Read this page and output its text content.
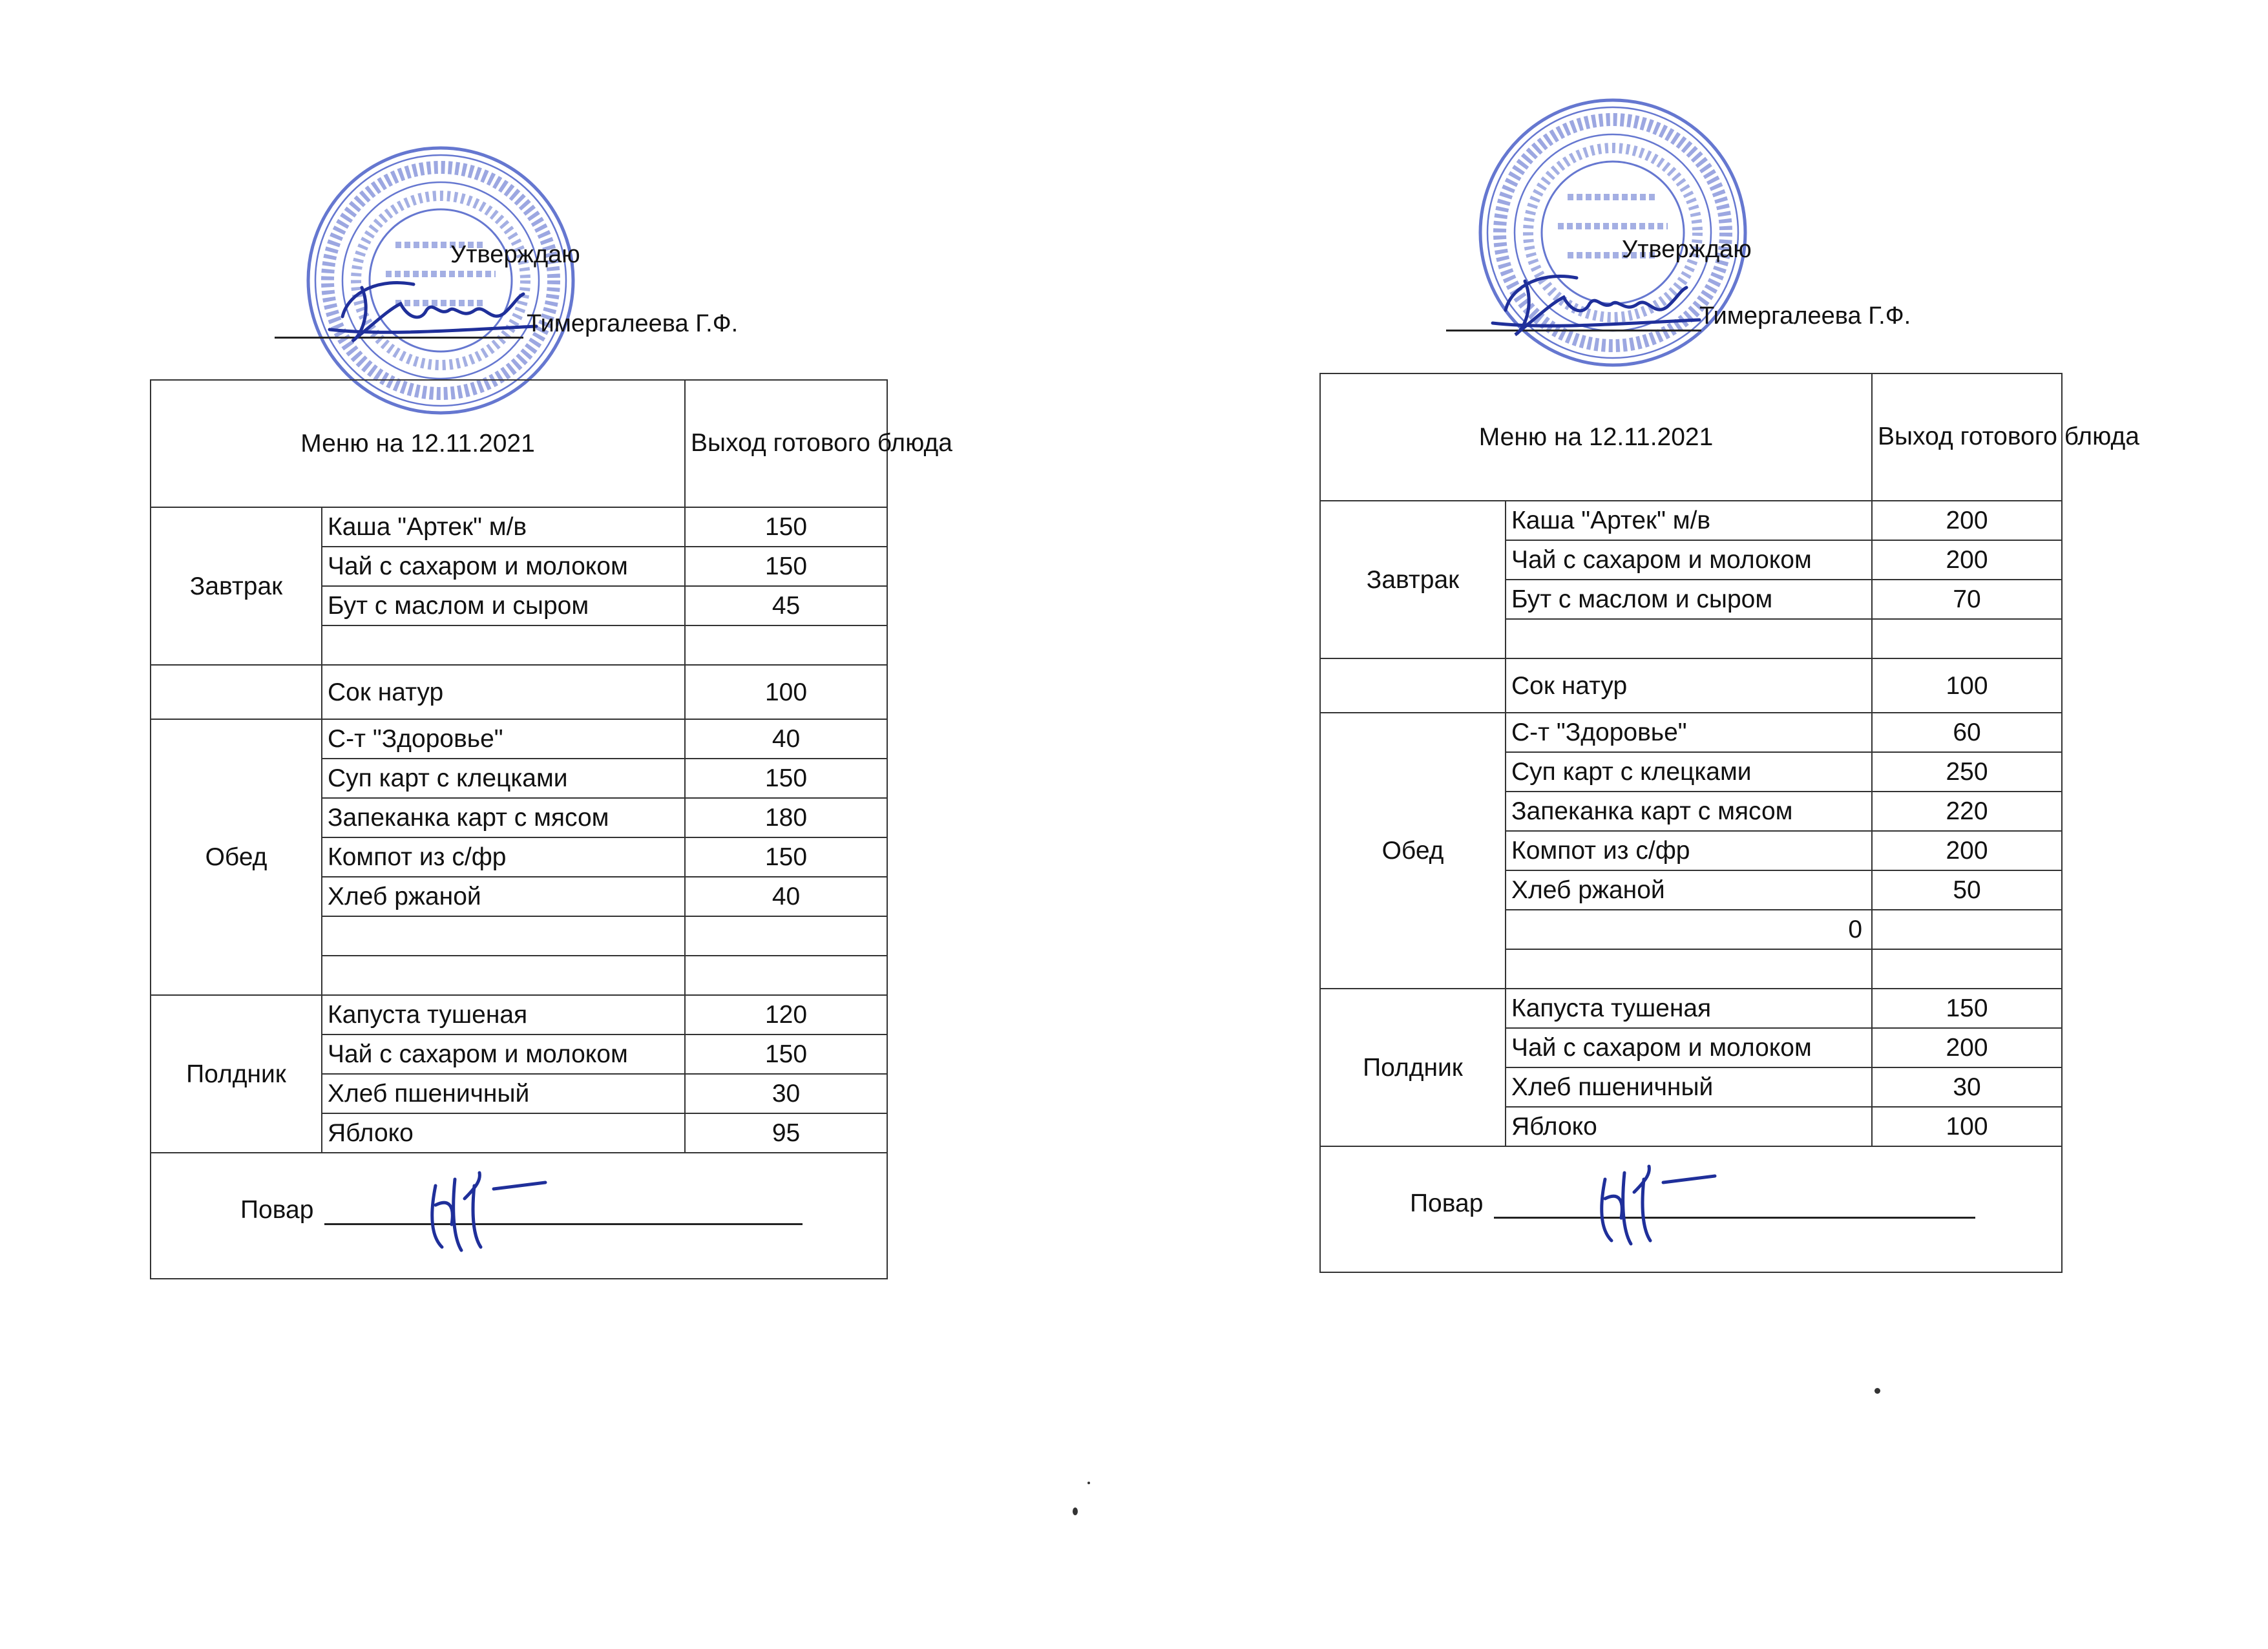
Утверждаю
Тимергалеева Г.Ф.
Меню на 12.11.2021		Выход готового блюда
Завтрак	Каша "Артек" м/в	150
	Чай с сахаром и молоком	150
	Бут с маслом и сыром	45

	Сок натур	100
Обед	С-т "Здоровье"	40
	Суп карт с клецками	150
	Запеканка карт с мясом	180
	Компот из с/фр	150
	Хлеб ржаной	40

Полдник	Капуста тушеная	120
	Чай с сахаром и молоком	150
	Хлеб пшеничный	30
	Яблоко	95

Повар		
Утверждаю
Тимергалеева Г.Ф.
Меню на 12.11.2021		Выход готового блюда
Завтрак	Каша "Артек" м/в	200
	Чай с сахаром и молоком	200
	Бут с маслом и сыром	70

	Сок натур	100
Обед	С-т "Здоровье"	60
	Суп карт с клецками	250
	Запеканка карт с мясом	220
	Компот из с/фр	200
	Хлеб ржаной	50
	0	

Полдник	Капуста тушеная	150
	Чай с сахаром и молоком	200
	Хлеб пшеничный	30
	Яблоко	100

Повар		
